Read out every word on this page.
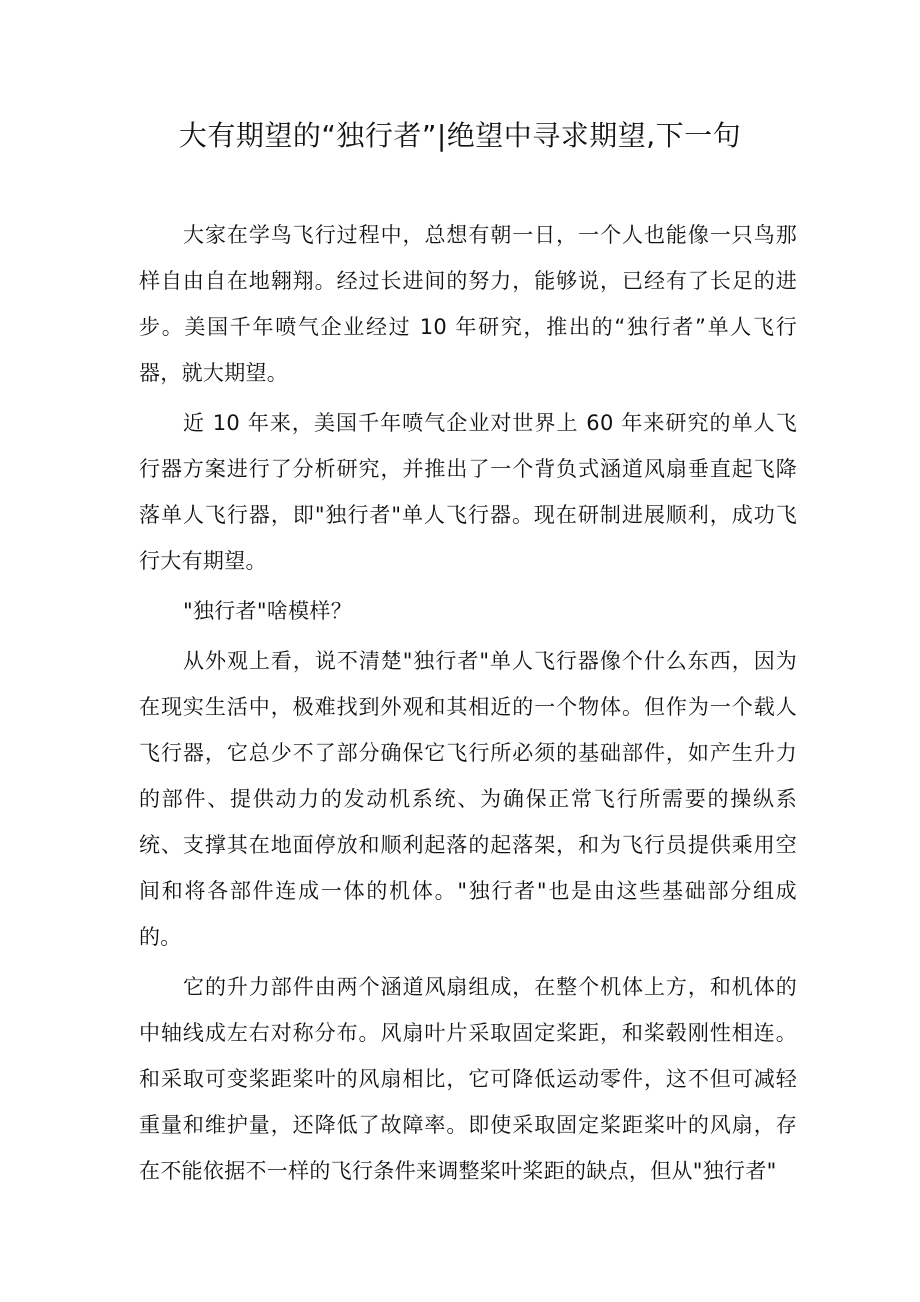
大有期望的“独行者”|绝望中寻求期望,下一句

大家在学鸟飞行过程中，总想有朝一日，一个人也能像一只鸟那样自由自在地翱翔。经过长进间的努力，能够说，已经有了长足的进步。美国千年喷气企业经过 10 年研究，推出的“独行者”单人飞行器，就大期望。

近 10 年来，美国千年喷气企业对世界上 60 年来研究的单人飞行器方案进行了分析研究，并推出了一个背负式涵道风扇垂直起飞降落单人飞行器，即"独行者"单人飞行器。现在研制进展顺利，成功飞行大有期望。

"独行者"啥模样？

从外观上看，说不清楚"独行者"单人飞行器像个什么东西，因为在现实生活中，极难找到外观和其相近的一个物体。但作为一个载人飞行器，它总少不了部分确保它飞行所必须的基础部件，如产生升力的部件、提供动力的发动机系统、为确保正常飞行所需要的操纵系统、支撑其在地面停放和顺利起落的起落架，和为飞行员提供乘用空间和将各部件连成一体的机体。"独行者"也是由这些基础部分组成的。

它的升力部件由两个涵道风扇组成，在整个机体上方，和机体的中轴线成左右对称分布。风扇叶片采取固定桨距，和桨毂刚性相连。和采取可变桨距桨叶的风扇相比，它可降低运动零件，这不但可减轻重量和维护量，还降低了故障率。即使采取固定桨距桨叶的风扇，存在不能依据不一样的飞行条件来调整桨叶桨距的缺点，但从"独行者"
